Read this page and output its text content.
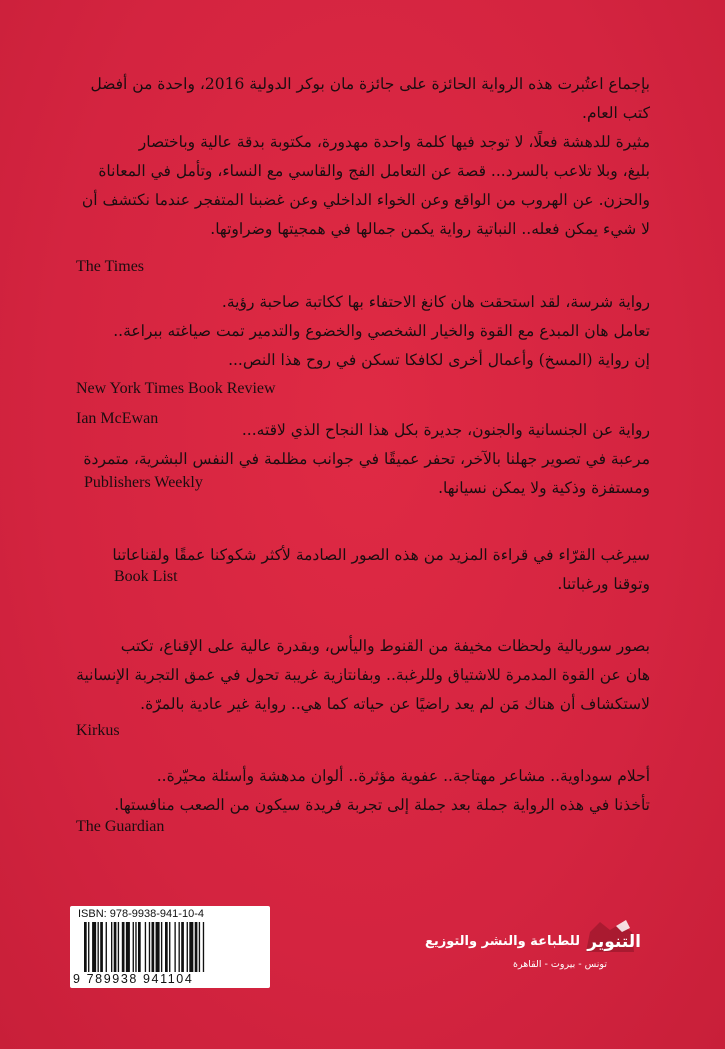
بإجماع اعتُبرت هذه الرواية الحائزة على جائزة مان بوكر الدولية 2016، واحدة من أفضل

كتب العام.

مثيرة للدهشة فعلًا، لا توجد فيها كلمة واحدة مهدورة، مكتوبة بدقة عالية وباختصار

بليغ، وبلا تلاعب بالسرد... قصة عن التعامل الفج والقاسي مع النساء، وتأمل في المعاناة

والحزن. عن الهروب من الواقع وعن الخواء الداخلي وعن غضبنا المتفجر عندما نكتشف أن

لا شيء يمكن فعله.. النباتية رواية يكمن جمالها في همجيتها وضراوتها.

The Times

رواية شرسة، لقد استحقت هان كانغ الاحتفاء بها ككاتبة صاحبة رؤية.

تعامل هان المبدع مع القوة والخيار الشخصي والخضوع والتدمير تمت صياغته ببراعة..

إن رواية (المسخ) وأعمال أخرى لكافكا تسكن في روح هذا النص...

New York Times Book Review
Ian McEwan

رواية عن الجنسانية والجنون، جديرة بكل هذا النجاح الذي لاقته...

مرعبة في تصوير جهلنا بالآخر، تحفر عميقًا في جوانب مظلمة في النفس البشرية، متمردة

ومستفزة وذكية ولا يمكن نسيانها.

Publishers Weekly

سيرغب القرّاء في قراءة المزيد من هذه الصور الصادمة لأكثر شكوكنا عمقًا ولقناعاتنا

وتوقنا ورغباتنا.

Book List

بصور سوريالية ولحظات مخيفة من القنوط واليأس، وبقدرة عالية على الإقناع، تكتب

هان عن القوة المدمرة للاشتياق وللرغبة.. وبفانتازية غريبة تحول في عمق التجربة الإنسانية

لاستكشاف أن هناك مَن لم يعد راضيًا عن حياته كما هي.. رواية غير عادية بالمرّة.

Kirkus

أحلام سوداوية.. مشاعر مهتاجة.. عفوية مؤثرة.. ألوان مدهشة وأسئلة محيّرة..

تأخذنا في هذه الرواية جملة بعد جملة إلى تجربة فريدة سيكون من الصعب منافستها.

The Guardian
ISBN: 978-9938-941-10-4
9 789938 941104
التنوير
للطباعة والنشر والتوزيع
تونس - بيروت - القاهرة
